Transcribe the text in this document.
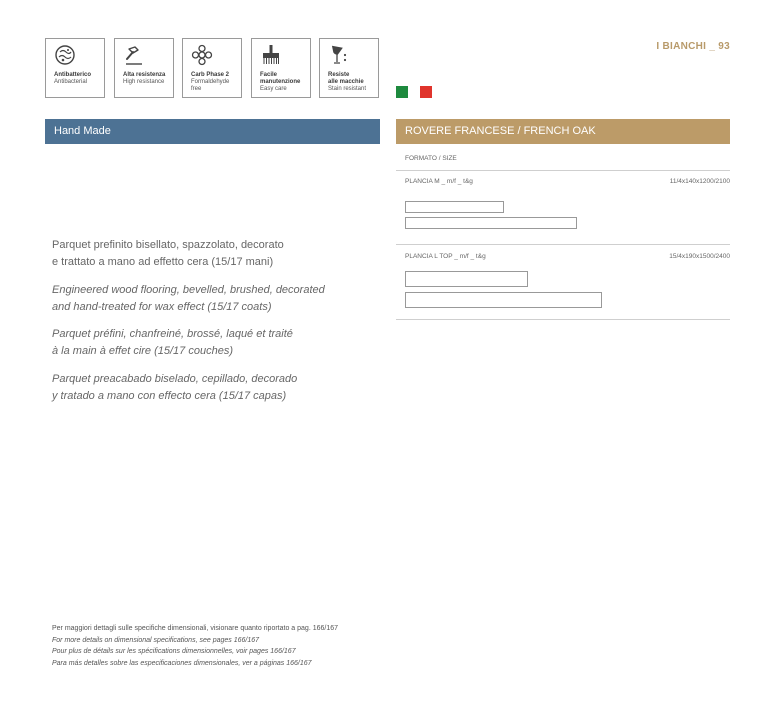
Antibatterico
Antibacterial
Alta resistenza
High resistance
Carb Phase 2
Formaldehyde
free
Facile
manutenzione
Easy care
Resiste
alle macchie
Stain resistant
I BIANCHI _ 93
Hand Made	ROVERE FRANCESE / FRENCH OAK
Parquet prefinito bisellato, spazzolato, decorato
e trattato a mano ad effetto cera (15/17 mani)
Engineered wood flooring, bevelled, brushed, decorated
and hand-treated for wax effect (15/17 coats)
Parquet préfini, chanfreiné, brossé, laqué et traité
à la main à effet cire (15/17 couches)
Parquet preacabado biselado, cepillado, decorado
y tratado a mano con effecto cera (15/17 capas)
FORMATO / SIZE
PLANCIA M _ m/f _ t&g	11/4x140x1200/2100
PLANCIA L TOP _ m/f _ t&g	15/4x190x1500/2400
Per maggiori dettagli sulle specifiche dimensionali, visionare quanto riportato a pag. 166/167
For more details on dimensional specifications, see pages 166/167
Pour plus de détails sur les spécifications dimensionnelles, voir pages 166/167
Para más detalles sobre las especificaciones dimensionales, ver a páginas 166/167
